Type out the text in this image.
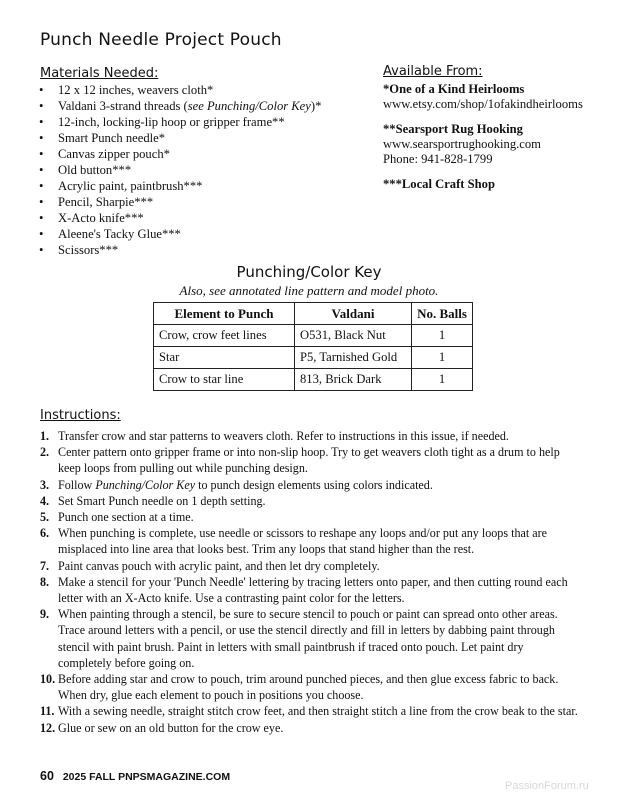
Punch Needle Project Pouch
Materials Needed:
• 12 x 12 inches, weavers cloth*
• Valdani 3-strand threads (see Punching/Color Key)*
• 12-inch, locking-lip hoop or gripper frame**
• Smart Punch needle*
• Canvas zipper pouch*
• Old button***
• Acrylic paint, paintbrush***
• Pencil, Sharpie***
• X-Acto knife***
• Aleene's Tacky Glue***
• Scissors***
Available From:
*One of a Kind Heirlooms
www.etsy.com/shop/1ofakindheirlooms
**Searsport Rug Hooking
www.searsportrughooking.com
Phone: 941-828-1799
***Local Craft Shop
Punching/Color Key
Also, see annotated line pattern and model photo.
Element to Punch	Valdani	No. Balls
Crow, crow feet lines	O531, Black Nut	1
Star	P5, Tarnished Gold	1
Crow to star line	813, Brick Dark	1
Instructions:
1. Transfer crow and star patterns to weavers cloth. Refer to instructions in this issue, if needed.
2. Center pattern onto gripper frame or into non-slip hoop. Try to get weavers cloth tight as a drum to help keep loops from pulling out while punching design.
3. Follow Punching/Color Key to punch design elements using colors indicated.
4. Set Smart Punch needle on 1 depth setting.
5. Punch one section at a time.
6. When punching is complete, use needle or scissors to reshape any loops and/or put any loops that are misplaced into line area that looks best. Trim any loops that stand higher than the rest.
7. Paint canvas pouch with acrylic paint, and then let dry completely.
8. Make a stencil for your 'Punch Needle' lettering by tracing letters onto paper, and then cutting round each letter with an X-Acto knife. Use a contrasting paint color for the letters.
9. When painting through a stencil, be sure to secure stencil to pouch or paint can spread onto other areas. Trace around letters with a pencil, or use the stencil directly and fill in letters by dabbing paint through stencil with paint brush. Paint in letters with small paintbrush if traced onto pouch. Let paint dry completely before going on.
10. Before adding star and crow to pouch, trim around punched pieces, and then glue excess fabric to back. When dry, glue each element to pouch in positions you choose.
11. With a sewing needle, straight stitch crow feet, and then straight stitch a line from the crow beak to the star.
12. Glue or sew on an old button for the crow eye.
60 2025 FALL PNPSMAGAZINE.COM
PassionForum.ru
